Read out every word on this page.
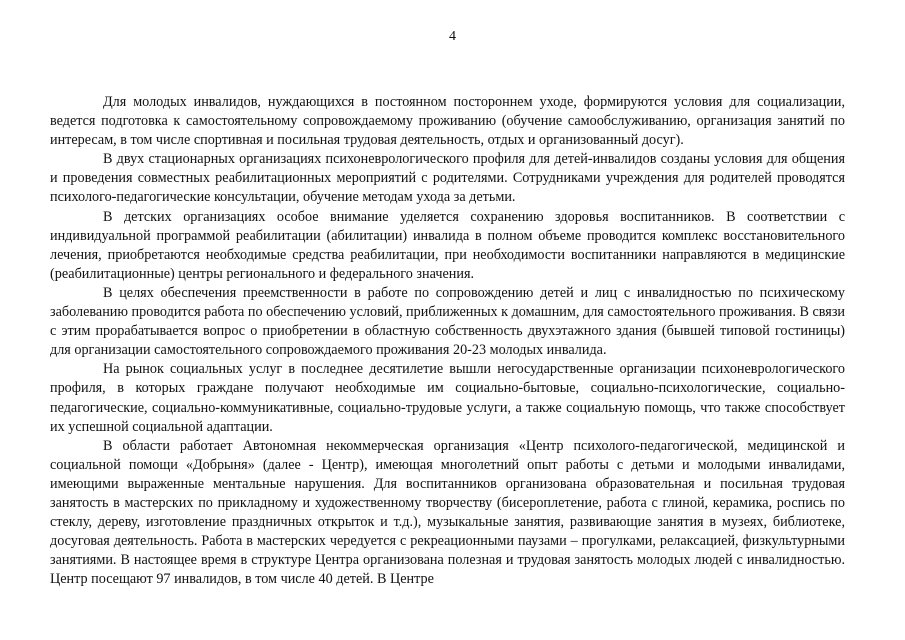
4

Для молодых инвалидов, нуждающихся в постоянном постороннем уходе, формируются условия для социализации, ведется подготовка к самостоятельному сопровождаемому проживанию (обучение самообслуживанию, организация занятий по интересам, в том числе спортивная и посильная трудовая деятельность, отдых и организованный досуг).

В двух стационарных организациях психоневрологического профиля для детей-инвалидов созданы условия для общения и проведения совместных реабилитационных мероприятий с родителями. Сотрудниками учреждения для родителей проводятся психолого-педагогические консультации, обучение методам ухода за детьми.

В детских организациях особое внимание уделяется сохранению здоровья воспитанников. В соответствии с индивидуальной программой реабилитации (абилитации) инвалида в полном объеме проводится комплекс восстановительного лечения, приобретаются необходимые средства реабилитации, при необходимости воспитанники направляются в медицинские (реабилитационные) центры регионального и федерального значения.

В целях обеспечения преемственности в работе по сопровождению детей и лиц с инвалидностью по психическому заболеванию проводится работа по обеспечению условий, приближенных к домашним, для самостоятельного проживания. В связи с этим прорабатывается вопрос о приобретении в областную собственность двухэтажного здания (бывшей типовой гостиницы) для организации самостоятельного сопровождаемого проживания 20-23 молодых инвалида.

На рынок социальных услуг в последнее десятилетие вышли негосударственные организации психоневрологического профиля, в которых граждане получают необходимые им социально-бытовые, социально-психологические, социально-педагогические, социально-коммуникативные, социально-трудовые услуги, а также социальную помощь, что также способствует их успешной социальной адаптации.

В области работает Автономная некоммерческая организация «Центр психолого-педагогической, медицинской и социальной помощи «Добрыня» (далее - Центр), имеющая многолетний опыт работы с детьми и молодыми инвалидами, имеющими выраженные ментальные нарушения. Для воспитанников организована образовательная и посильная трудовая занятость в мастерских по прикладному и художественному творчеству (бисероплетение, работа с глиной, керамика, роспись по стеклу, дереву, изготовление праздничных открыток и т.д.), музыкальные занятия, развивающие занятия в музеях, библиотеке, досуговая деятельность. Работа в мастерских чередуется с рекреационными паузами – прогулками, релаксацией, физкультурными занятиями. В настоящее время в структуре Центра организована полезная и трудовая занятость молодых людей с инвалидностью. Центр посещают 97 инвалидов, в том числе 40 детей. В Центре
